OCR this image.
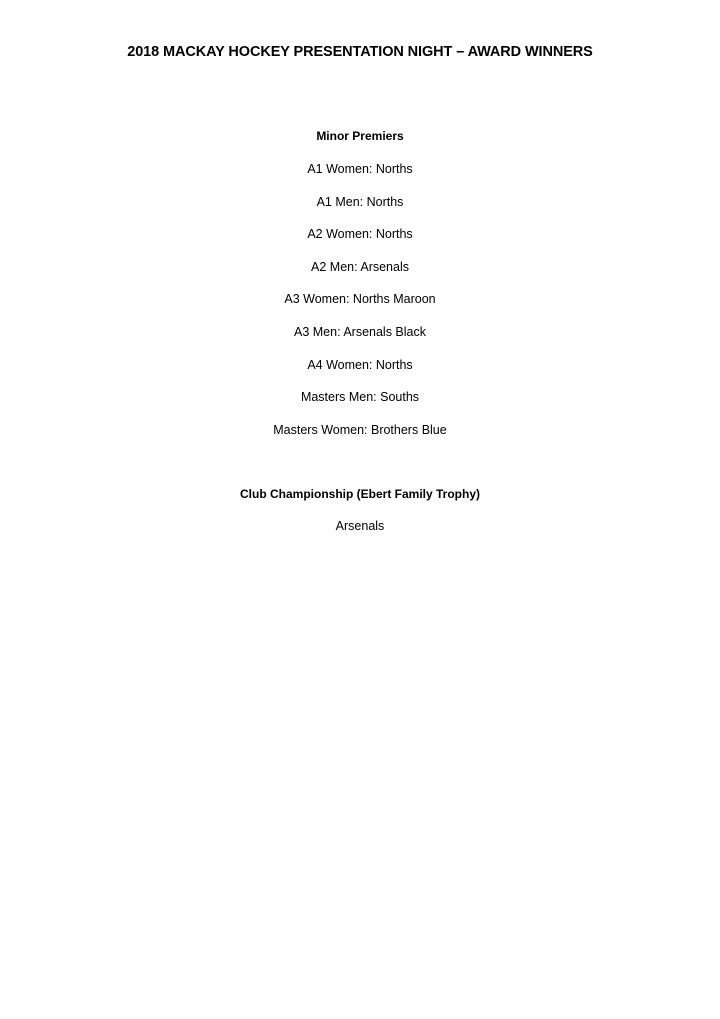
2018 MACKAY HOCKEY PRESENTATION NIGHT – AWARD WINNERS
Minor Premiers
A1 Women: Norths
A1 Men: Norths
A2 Women: Norths
A2 Men: Arsenals
A3 Women: Norths Maroon
A3 Men: Arsenals Black
A4 Women: Norths
Masters Men: Souths
Masters Women: Brothers Blue
Club Championship (Ebert Family Trophy)
Arsenals
